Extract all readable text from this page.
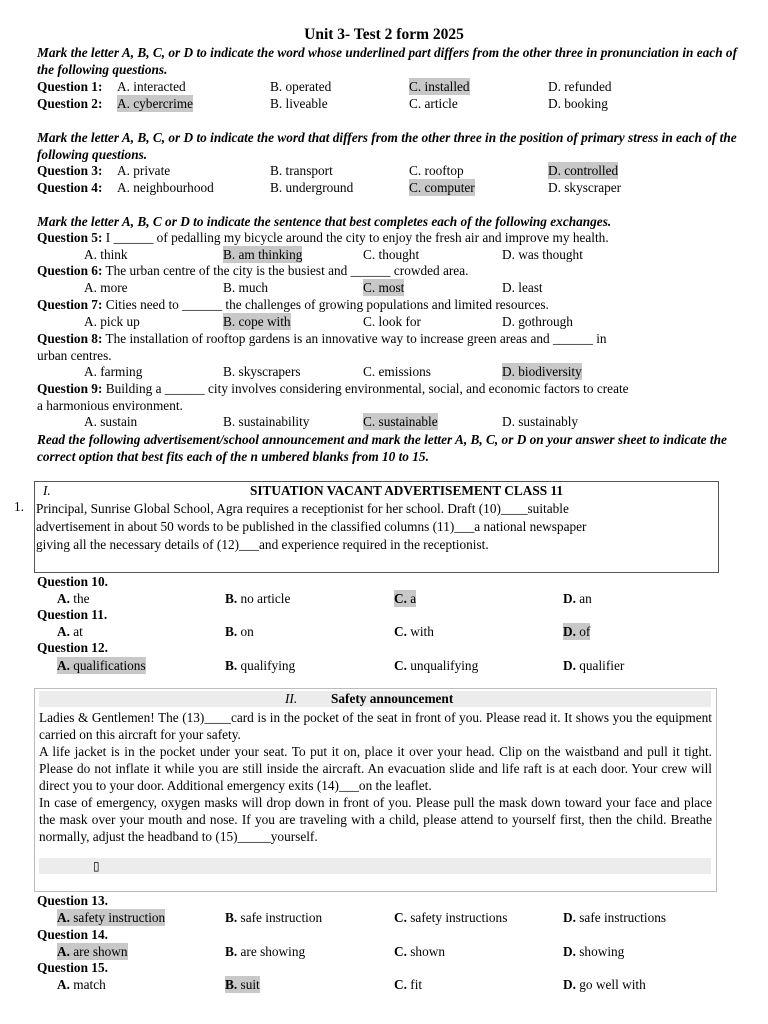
Unit 3- Test 2 form 2025
Mark the letter A, B, C, or D to indicate the word whose underlined part differs from the other three in pronunciation in each of the following questions.
Question 1: A. interacted	B. operated	C. installed	D. refunded
Question 2: A. cybercrime	B. liveable	C. article	D. booking
Mark the letter A, B, C, or D to indicate the word that differs from the other three in the position of primary stress in each of the following questions.
Question 3: A. private	B. transport	C. rooftop	D. controlled
Question 4: A. neighbourhood	B. underground	C. computer	D. skyscraper
Mark the letter A, B, C or D to indicate the sentence that best completes each of the following exchanges.
Question 5: I ______ of pedalling my bicycle around the city to enjoy the fresh air and improve my health.
A. think	B. am thinking	C. thought	D. was thought
Question 6: The urban centre of the city is the busiest and ______ crowded area.
A. more	B. much	C. most	D. least
Question 7: Cities need to ______ the challenges of growing populations and limited resources.
A. pick up	B. cope with	C. look for	D. gothrough
Question 8: The installation of rooftop gardens is an innovative way to increase green areas and ______ in
urban centres.
A. farming	B. skyscrapers	C. emissions	D. biodiversity
Question 9: Building a ______ city involves considering environmental, social, and economic factors to create
a harmonious environment.
A. sustain	B. sustainability	C. sustainable	D. sustainably
Read the following advertisement/school announcement and mark the letter A, B, C, or D on your answer sheet to indicate the correct option that best fits each of the n umbered blanks from 10 to 15.
1.
I.	SITUATION VACANT ADVERTISEMENT CLASS 11
Principal, Sunrise Global School, Agra requires a receptionist for her school. Draft (10)____suitable
advertisement in about 50 words to be published in the classified columns (11)___a national newspaper
giving all the necessary details of (12)___and experience required in the receptionist.
Question 10.
A. the	B. no article	C. a	D. an
Question 11.
A. at	B. on	C. with	D. of
Question 12.
A. qualifications	B. qualifying	C. unqualifying	D. qualifier
II.	Safety announcement
Ladies & Gentlemen! The (13)____card is in the pocket of the seat in front of you. Please read it. It shows you the equipment carried on this aircraft for your safety.
A life jacket is in the pocket under your seat. To put it on, place it over your head. Clip on the waistband and pull it tight. Please do not inflate it while you are still inside the aircraft. An evacuation slide and life raft is at each door. Your crew will direct you to your door. Additional emergency exits (14)___on the leaflet.
In case of emergency, oxygen masks will drop down in front of you. Please pull the mask down toward your face and place the mask over your mouth and nose. If you are traveling with a child, please attend to yourself first, then the child. Breathe normally, adjust the headband to (15)_____yourself.
▯
Question 13.
A. safety instruction	B. safe instruction	C. safety instructions	D. safe instructions
Question 14.
A. are shown	B. are showing	C. shown	D. showing
Question 15.
A. match	B. suit	C. fit	D. go well with
